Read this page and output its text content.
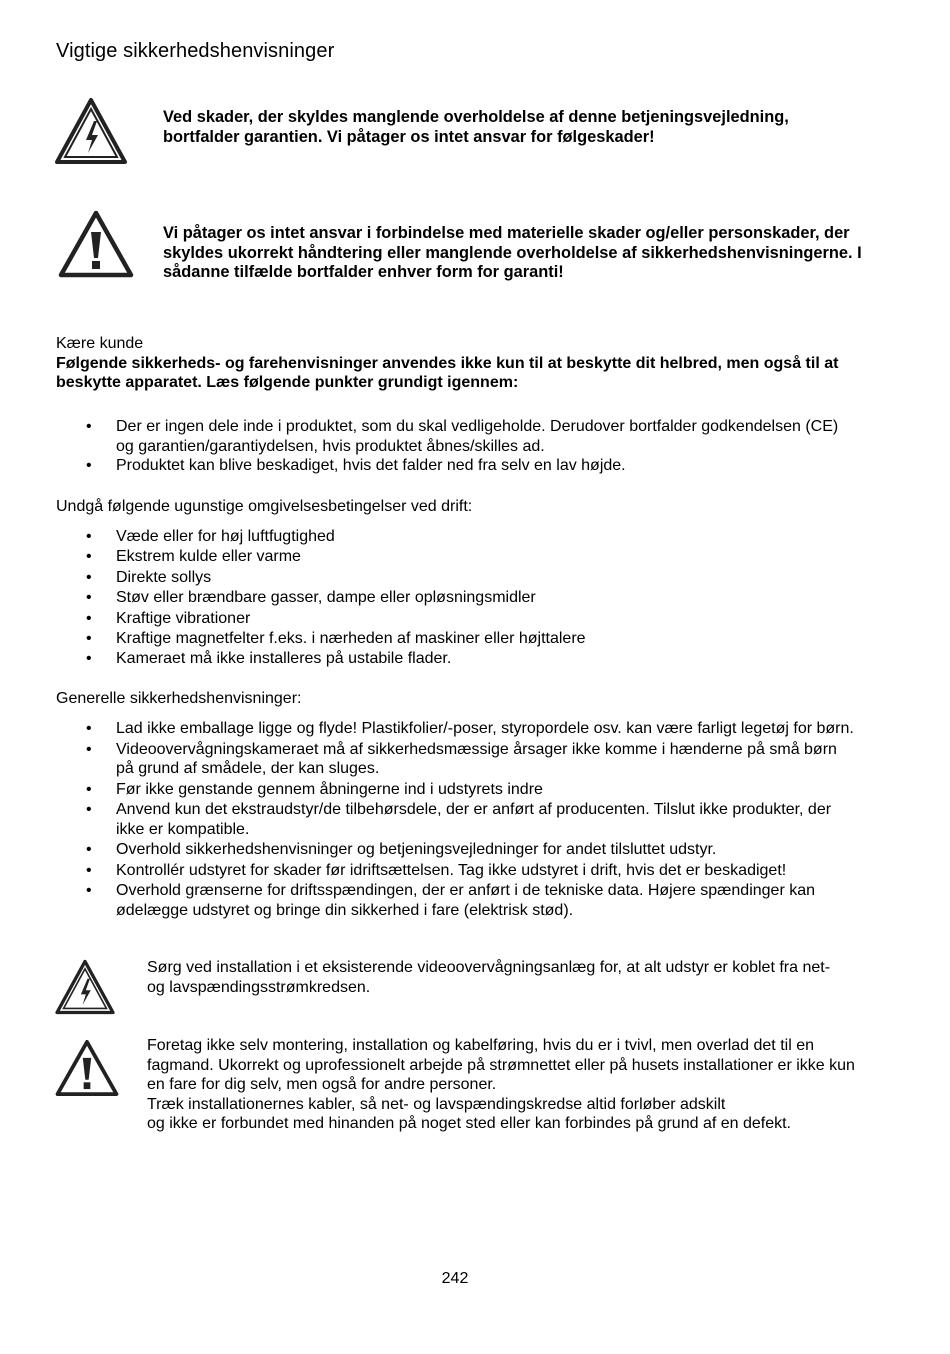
Vigtige sikkerhedshenvisninger
Ved skader, der skyldes manglende overholdelse af denne betjeningsvejledning, bortfalder garantien. Vi påtager os intet ansvar for følgeskader!
Vi påtager os intet ansvar i forbindelse med materielle skader og/eller personskader, der skyldes ukorrekt håndtering eller manglende overholdelse af sikkerhedshenvisningerne. I sådanne tilfælde bortfalder enhver form for garanti!
Kære kunde
Følgende sikkerheds- og farehenvisninger anvendes ikke kun til at beskytte dit helbred, men også til at beskytte apparatet. Læs følgende punkter grundigt igennem:
• Der er ingen dele inde i produktet, som du skal vedligeholde. Derudover bortfalder godkendelsen (CE) og garantien/garantiydelsen, hvis produktet åbnes/skilles ad.
• Produktet kan blive beskadiget, hvis det falder ned fra selv en lav højde.
Undgå følgende ugunstige omgivelsesbetingelser ved drift:
• Væde eller for høj luftfugtighed
• Ekstrem kulde eller varme
• Direkte sollys
• Støv eller brændbare gasser, dampe eller opløsningsmidler
• Kraftige vibrationer
• Kraftige magnetfelter f.eks. i nærheden af maskiner eller højttalere
• Kameraet må ikke installeres på ustabile flader.
Generelle sikkerhedshenvisninger:
• Lad ikke emballage ligge og flyde! Plastikfolier/-poser, styropordele osv. kan være farligt legetøj for børn.
• Videoovervågningskameraet må af sikkerhedsmæssige årsager ikke komme i hænderne på små børn på grund af smådele, der kan sluges.
• Før ikke genstande gennem åbningerne ind i udstyrets indre
• Anvend kun det ekstraudstyr/de tilbehørsdele, der er anført af producenten. Tilslut ikke produkter, der ikke er kompatible.
• Overhold sikkerhedshenvisninger og betjeningsvejledninger for andet tilsluttet udstyr.
• Kontrollér udstyret for skader før idriftsættelsen. Tag ikke udstyret i drift, hvis det er beskadiget!
• Overhold grænserne for driftsspændingen, der er anført i de tekniske data. Højere spændinger kan ødelægge udstyret og bringe din sikkerhed i fare (elektrisk stød).
Sørg ved installation i et eksisterende videoovervågningsanlæg for, at alt udstyr er koblet fra net- og lavspændingsstrømkredsen.
Foretag ikke selv montering, installation og kabelføring, hvis du er i tvivl, men overlad det til en fagmand. Ukorrekt og uprofessionelt arbejde på strømnettet eller på husets installationer er ikke kun en fare for dig selv, men også for andre personer.
Træk installationernes kabler, så net- og lavspændingskredse altid forløber adskilt
og ikke er forbundet med hinanden på noget sted eller kan forbindes på grund af en defekt.
242
